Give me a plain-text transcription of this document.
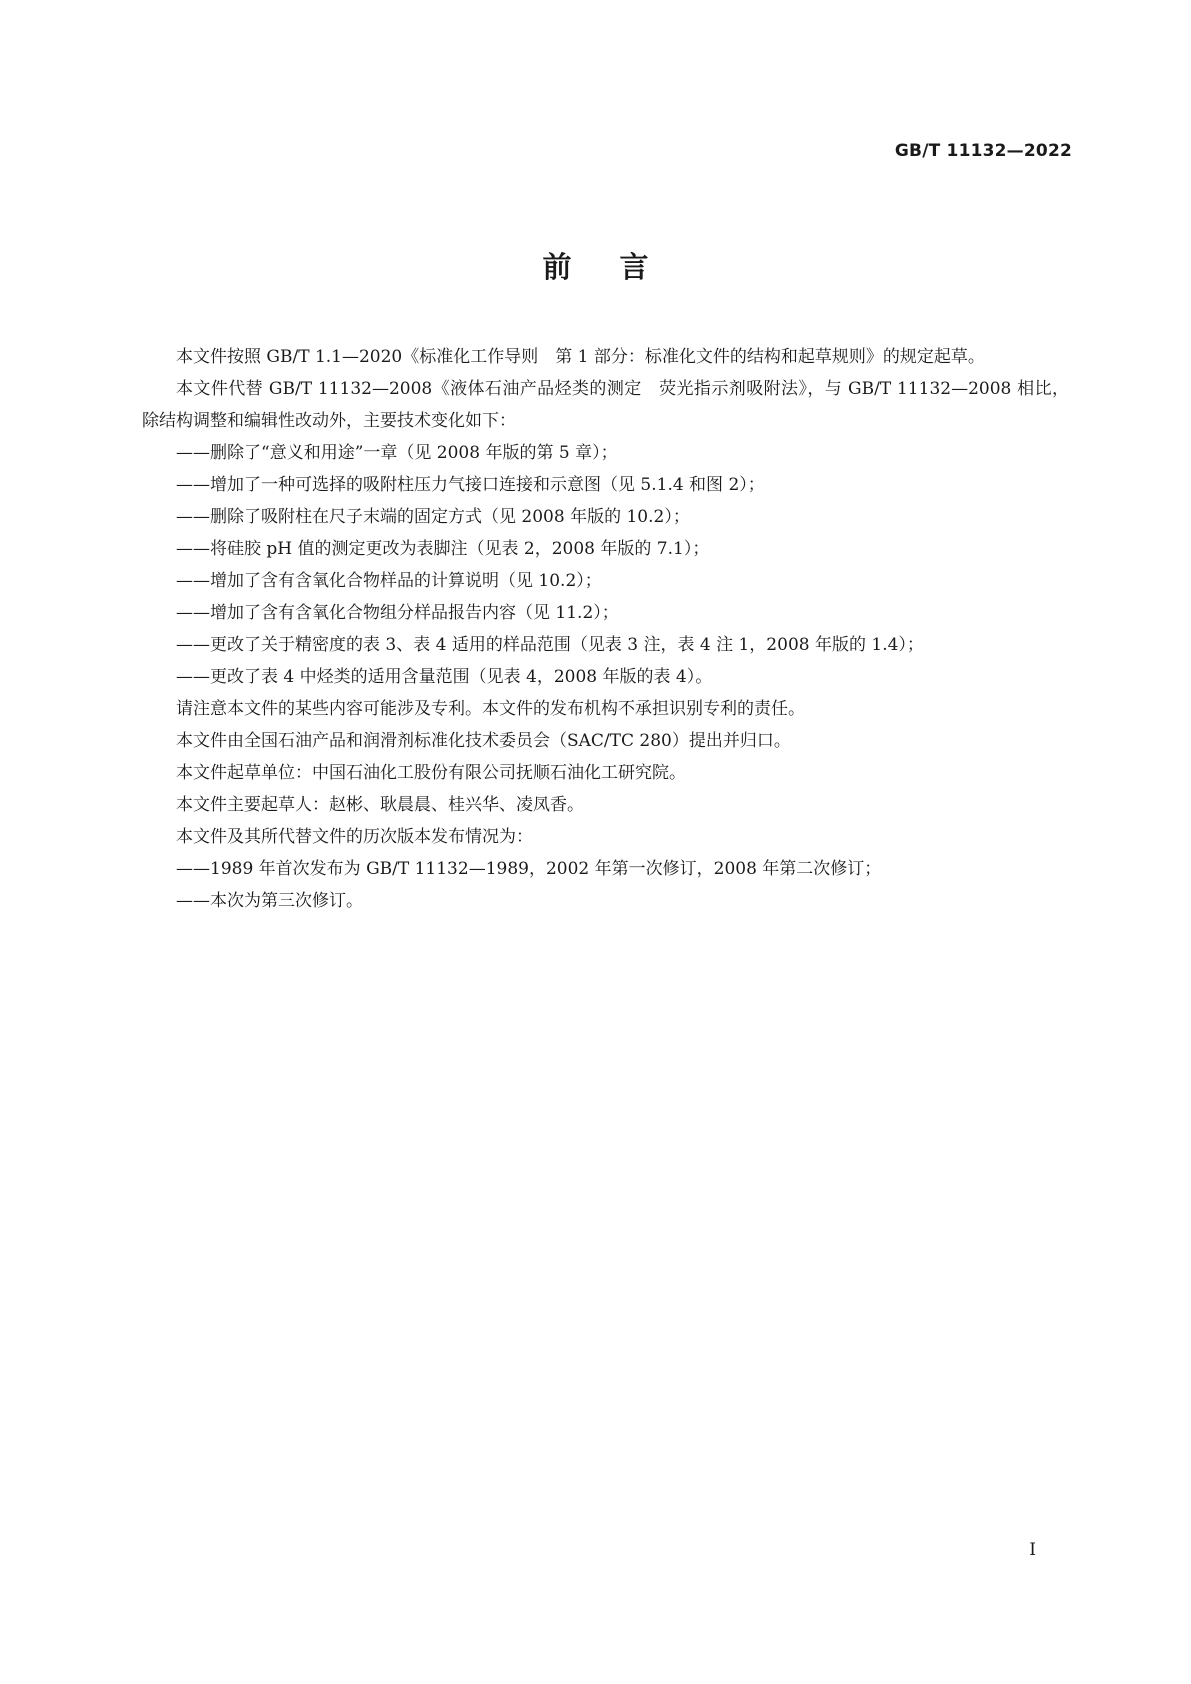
GB/T 11132—2022
前言

本文件按照 GB/T 1.1—2020《标准化工作导则　第 1 部分：标准化文件的结构和起草规则》的规定起草。

本文件代替 GB/T 11132—2008《液体石油产品烃类的测定　荧光指示剂吸附法》，与 GB/T 11132—2008 相比，除结构调整和编辑性改动外，主要技术变化如下：

——删除了“意义和用途”一章（见 2008 年版的第 5 章）；

——增加了一种可选择的吸附柱压力气接口连接和示意图（见 5.1.4 和图 2）；

——删除了吸附柱在尺子末端的固定方式（见 2008 年版的 10.2）；

——将硅胶 pH 值的测定更改为表脚注（见表 2，2008 年版的 7.1）；

——增加了含有含氧化合物样品的计算说明（见 10.2）；

——增加了含有含氧化合物组分样品报告内容（见 11.2）；

——更改了关于精密度的表 3、表 4 适用的样品范围（见表 3 注，表 4 注 1，2008 年版的 1.4）；

——更改了表 4 中烃类的适用含量范围（见表 4，2008 年版的表 4）。

请注意本文件的某些内容可能涉及专利。本文件的发布机构不承担识别专利的责任。

本文件由全国石油产品和润滑剂标准化技术委员会（SAC/TC 280）提出并归口。

本文件起草单位：中国石油化工股份有限公司抚顺石油化工研究院。

本文件主要起草人：赵彬、耿晨晨、桂兴华、凌凤香。

本文件及其所代替文件的历次版本发布情况为：

——1989 年首次发布为 GB/T 11132—1989，2002 年第一次修订，2008 年第二次修订；

——本次为第三次修订。

I
